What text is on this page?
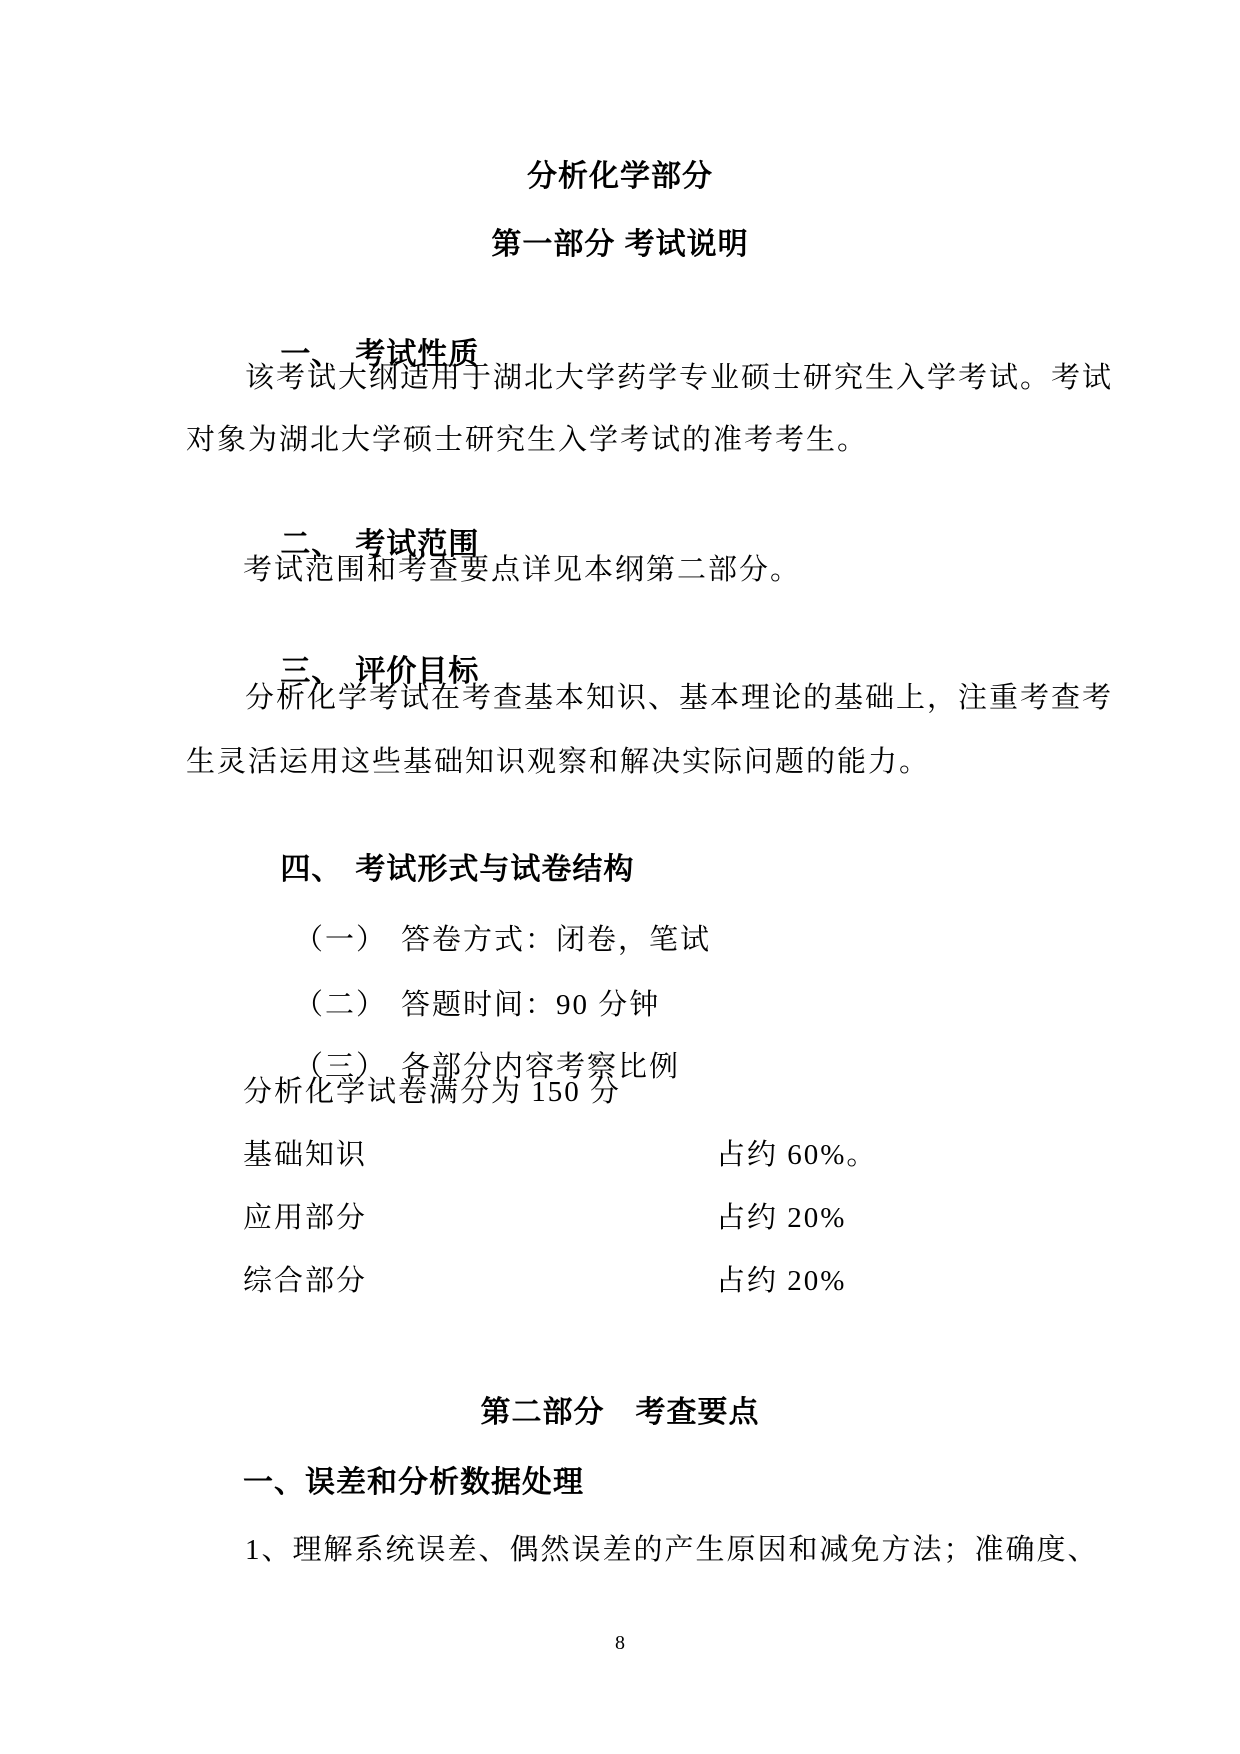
分析化学部分
第一部分 考试说明

一、 考试性质

该考试大纲适用于湖北大学药学专业硕士研究生入学考试。考试
对象为湖北大学硕士研究生入学考试的准考考生。

二、 考试范围

考试范围和考查要点详见本纲第二部分。

三、 评价目标

分析化学考试在考查基本知识、基本理论的基础上，注重考查考
生灵活运用这些基础知识观察和解决实际问题的能力。

四、 考试形式与试卷结构

（一） 答卷方式：闭卷，笔试

（二） 答题时间：90 分钟

（三） 各部分内容考察比例

分析化学试卷满分为 150 分
基础知识	占约 60%。
应用部分	占约 20%
综合部分	占约 20%
第二部分　考查要点
一、误差和分析数据处理
1、理解系统误差、偶然误差的产生原因和减免方法；准确度、
8
